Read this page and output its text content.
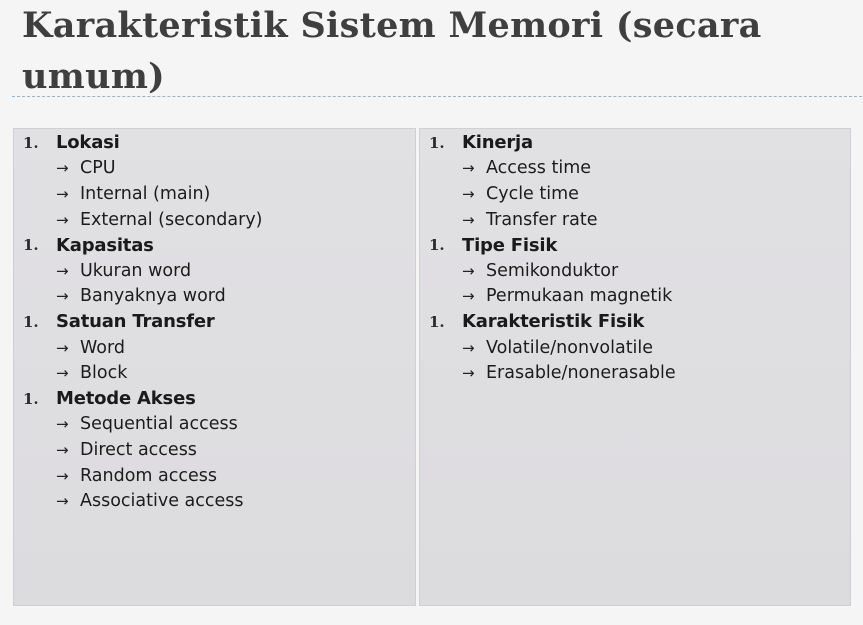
Karakteristik Sistem Memori (secara umum)
1. Lokasi
→ CPU
→ Internal (main)
→ External (secondary)
1. Kapasitas
→ Ukuran word
→ Banyaknya word
1. Satuan Transfer
→ Word
→ Block
1. Metode Akses
→ Sequential access
→ Direct access
→ Random access
→ Associative access
1. Kinerja
→ Access time
→ Cycle time
→ Transfer rate
1. Tipe Fisik
→ Semikonduktor
→ Permukaan magnetik
1. Karakteristik Fisik
→ Volatile/nonvolatile
→ Erasable/nonerasable
